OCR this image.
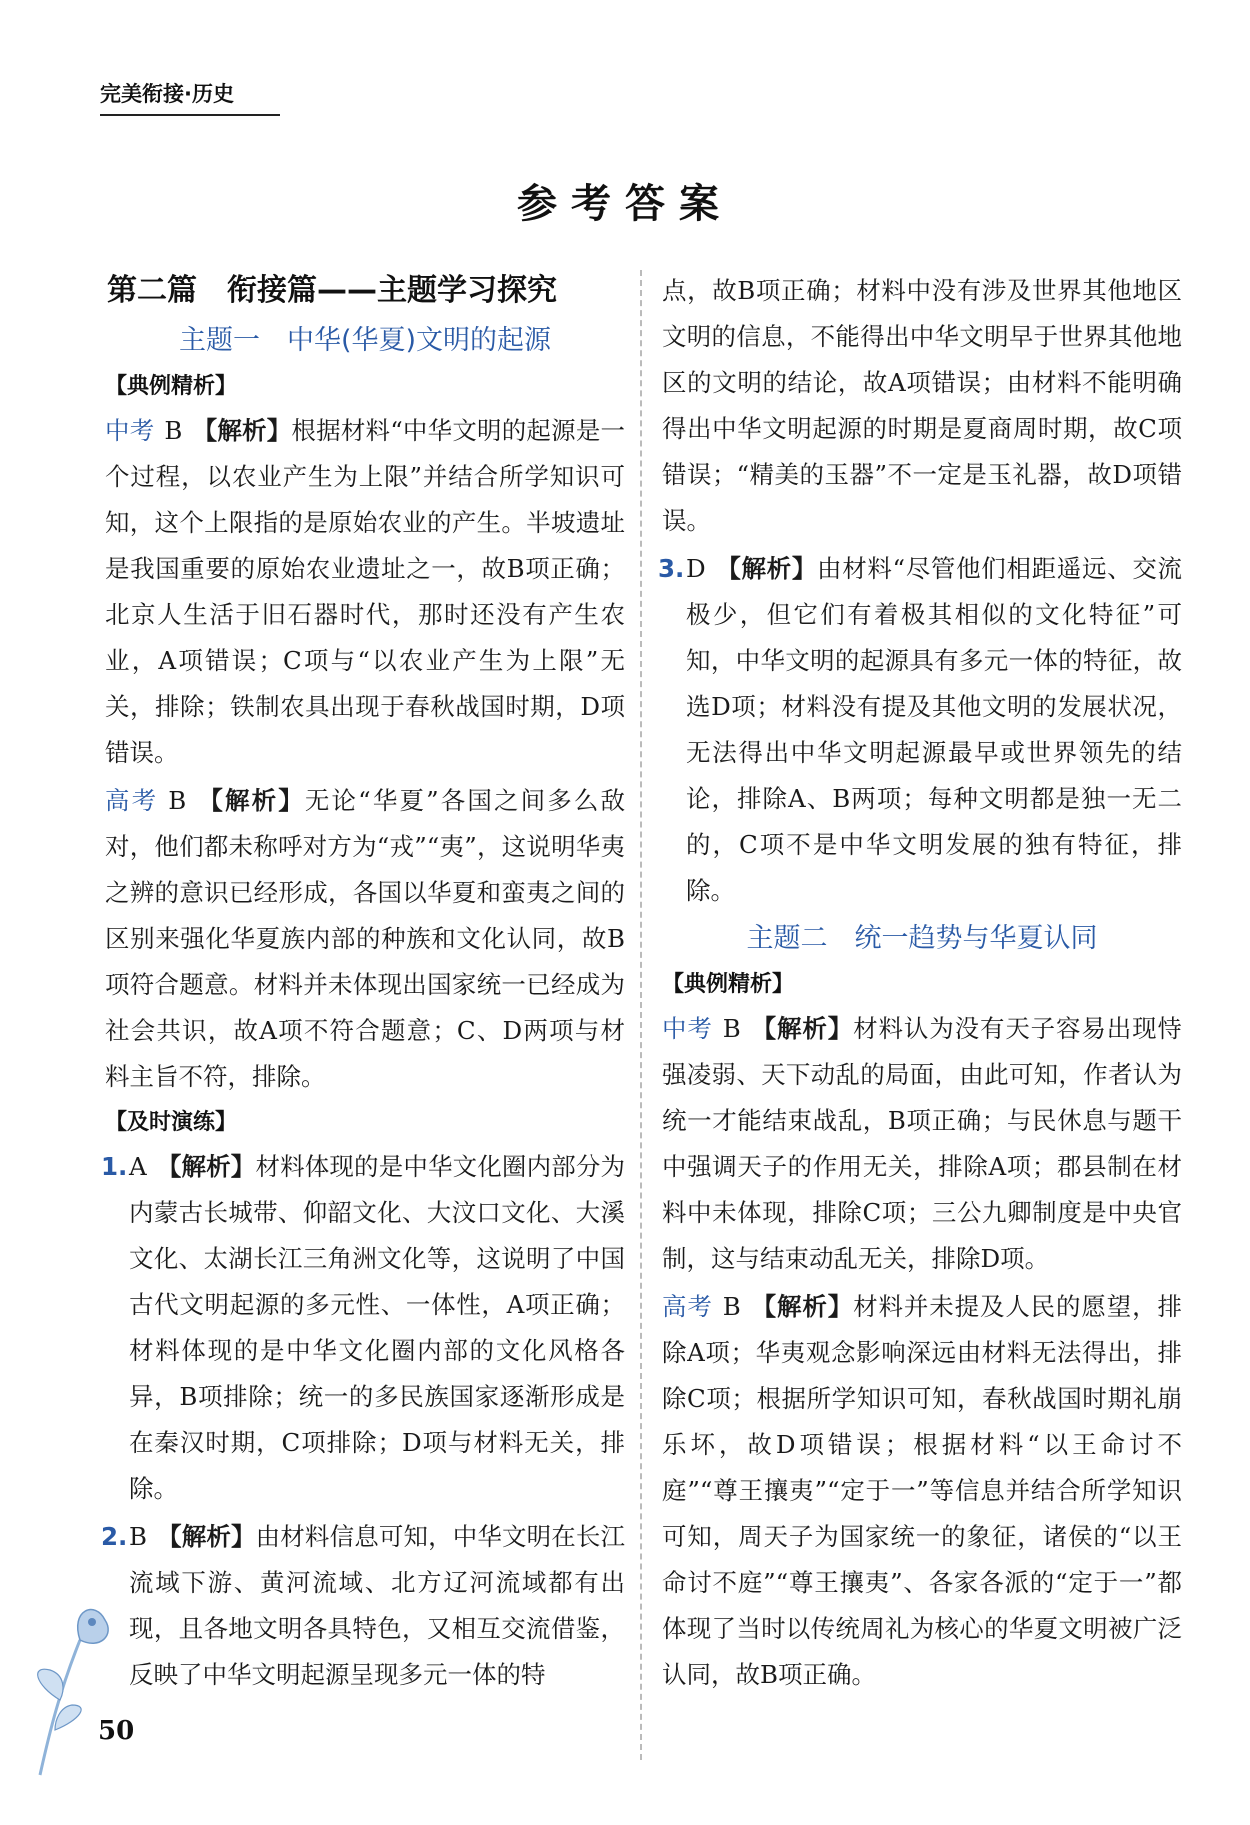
完美衔接·历史
参考答案
第二篇　衔接篇——主题学习探究
主题一　中华(华夏)文明的起源
【典例精析】

中考 B 【解析】根据材料“中华文明的起源是一个过程，以农业产生为上限”并结合所学知识可知，这个上限指的是原始农业的产生。半坡遗址是我国重要的原始农业遗址之一，故B项正确；北京人生活于旧石器时代，那时还没有产生农业，A项错误；C项与“以农业产生为上限”无关，排除；铁制农具出现于春秋战国时期，D项错误。

高考 B 【解析】无论“华夏”各国之间多么敌对，他们都未称呼对方为“戎”“夷”，这说明华夷之辨的意识已经形成，各国以华夏和蛮夷之间的区别来强化华夏族内部的种族和文化认同，故B项符合题意。材料并未体现出国家统一已经成为社会共识，故A项不符合题意；C、D两项与材料主旨不符，排除。

【及时演练】

1. A 【解析】材料体现的是中华文化圈内部分为内蒙古长城带、仰韶文化、大汶口文化、大溪文化、太湖长江三角洲文化等，这说明了中国古代文明起源的多元性、一体性，A项正确；材料体现的是中华文化圈内部的文化风格各异，B项排除；统一的多民族国家逐渐形成是在秦汉时期，C项排除；D项与材料无关，排除。

2. B 【解析】由材料信息可知，中华文明在长江流域下游、黄河流域、北方辽河流域都有出现，且各地文明各具特色，又相互交流借鉴，反映了中华文明起源呈现多元一体的特

点，故B项正确；材料中没有涉及世界其他地区文明的信息，不能得出中华文明早于世界其他地区的文明的结论，故A项错误；由材料不能明确得出中华文明起源的时期是夏商周时期，故C项错误；“精美的玉器”不一定是玉礼器，故D项错误。

3. D 【解析】由材料“尽管他们相距遥远、交流极少，但它们有着极其相似的文化特征”可知，中华文明的起源具有多元一体的特征，故选D项；材料没有提及其他文明的发展状况，无法得出中华文明起源最早或世界领先的结论，排除A、B两项；每种文明都是独一无二的，C项不是中华文明发展的独有特征，排除。

主题二　统一趋势与华夏认同
【典例精析】

中考 B 【解析】材料认为没有天子容易出现恃强凌弱、天下动乱的局面，由此可知，作者认为统一才能结束战乱，B项正确；与民休息与题干中强调天子的作用无关，排除A项；郡县制在材料中未体现，排除C项；三公九卿制度是中央官制，这与结束动乱无关，排除D项。

高考 B 【解析】材料并未提及人民的愿望，排除A项；华夷观念影响深远由材料无法得出，排除C项；根据所学知识可知，春秋战国时期礼崩乐坏，故D项错误；根据材料“以王命讨不庭”“尊王攘夷”“定于一”等信息并结合所学知识可知，周天子为国家统一的象征，诸侯的“以王命讨不庭”“尊王攘夷”、各家各派的“定于一”都体现了当时以传统周礼为核心的华夏文明被广泛认同，故B项正确。

50
